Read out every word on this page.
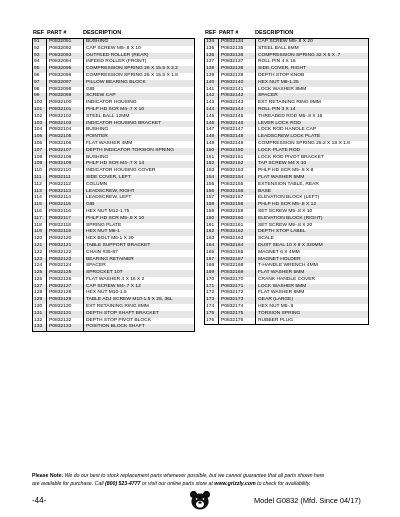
REF PART #	DESCRIPTION
91	P0832091	BUSHING
92	P0832092	CAP SCREW M5-.8 X 10
93	P0832093	OUTFEED ROLLER (REAR)
94	P0832094	INFEED ROLLER (FRONT)
95	P0832095	COMPRESSION SPRING 26 X 15.5 X 2.2
96	P0832096	COMPRESSION SPRING 26 X 15.5 X 1.8
97	P0832097	PILLOW BEARING BLOCK
98	P0832098	GIB
99	P0832099	SCREW CAP
100	P0832100	INDICATOR HOUSING
101	P0832101	PHLP HD SCR M4-.7 X 10
102	P0832102	STEEL BALL 12MM
103	P0832103	INDICATOR HOUSING BRACKET
104	P0832104	BUSHING
105	P0832105	POINTER
106	P0832106	FLAT WASHER 4MM
107	P0832107	DEPTH INDICATOR TORSION SPRING
108	P0832108	BUSHING
109	P0832109	PHLP HD SCR M4-.7 X 14
110	P0832110	INDICATOR HOUSING COVER
111	P0832111	SIDE COVER, LEFT
112	P0832112	COLUMN
113	P0832113	LEADSCREW, RIGHT
114	P0832114	LEADSCREW, LEFT
115	P0832115	GIB
116	P0832116	HEX NUT M12-1.75
117	P0832117	PHLP HD SCR M5-.8 X 10
118	P0832118	SPRING PLATE
119	P0832119	HEX NUT M6-1
120	P0832120	HEX BOLT M6-1 X 20
121	P0832121	TABLE SUPPORT BRACKET
122	P0832122	CHAIN #35-87
123	P0832123	BEARING RETAINER
124	P0832124	SPACER
125	P0832125	SPROCKET 10T
126	P0832126	FLAT WASHER 4 X 16 X 2
127	P0832127	CAP SCREW M4-.7 X 12
128	P0832128	HEX NUT M10-1.5
129	P0832129	TABLE ADJ SCREW M10-1.5 X 25, 36L
130	P0832130	EXT RETAINING RING 8MM
131	P0832131	DEPTH STOP SHAFT BRACKET
132	P0832132	DEPTH STOP PIVOT BLOCK
133	P0832133	POSITION BLOCK SHAFT
REF PART #	DESCRIPTION
134	P0832134	CAP SCREW M5-.8 X 20
135	P0832135	STEEL BALL 6MM
136	P0832136	COMPRESSION SPRING 32 X 5 X .7
137	P0832137	ROLL PIN 4 X 16
138	P0832138	SIDE COVER, RIGHT
139	P0832139	DEPTH STOP KNOB
140	P0832140	HEX NUT M8-1.25
141	P0832141	LOCK WASHER 8MM
142	P0832142	SPACER
143	P0832143	EXT RETAINING RING 9MM
144	P0832144	ROLL PIN 3 X 14
145	P0832145	THREADED ROD M5-.8 X 16
146	P0832146	LEVER LOCK ROD
147	P0832147	LOCK ROD HANDLE CAP
148	P0832148	LEADSCREW LOCK PLATE
149	P0832149	COMPRESSION SPRING 25.2 X 18 X 1.8
150	P0832150	LOCK PLATE ROD
151	P0832151	LOCK ROD PIVOT BRACKET
152	P0832152	TAP SCREW M4 X 10
153	P0832153	PHLP HD SCR M5-.8 X 8
154	P0832154	FLAT WASHER 5MM
155	P0832155	EXTENSION TABLE, REAR
156	P0832156	BASE
157	P0832157	ELEVATION BLOCK (LEFT)
158	P0832158	PHLP HD SCR M5-.8 X 12
159	P0832159	SET SCREW M5-.8 X 10
160	P0832160	ELEVATION BLOCK (RIGHT)
161	P0832161	SET SCREW M5-.8 X 20
162	P0832162	DEPTH STOP LABEL
163	P0832163	SCALE
164	P0832164	DUST SEAL 10 X 8 X 320MM
165	P0832165	MAGNET 6 X 4MM
167	P0832167	MAGNET HOLDER
168	P0832168	T-HANDLE WRENCH 4MM
169	P0832169	FLAT WASHER 5MM
170	P0832170	CRANK HANDLE COVER
171	P0832171	LOCK WASHER 5MM
172	P0832172	FLAT WASHER 8MM
173	P0832173	GEAR (LARGE)
174	P0832174	HEX NUT M5-.8
175	P0832175	TORSION SPRING
176	P0832176	RUBBER PLUG
Please Note: We do our best to stock replacement parts whenever possible, but we cannot guarantee that all parts shown here
are available for purchase. Call (800) 523-4777 or visit our online parts store at www.grizzly.com to check for availability.
-44-	Model G0832 (Mfd. Since 04/17)
